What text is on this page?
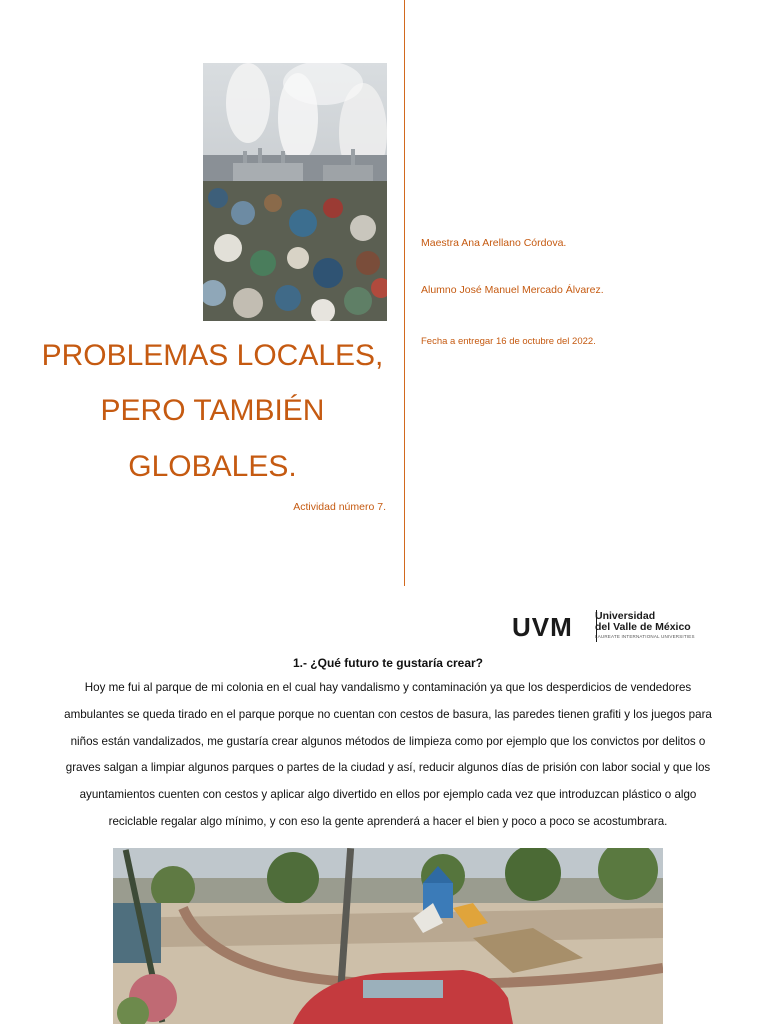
PROBLEMAS LOCALES,
PERO TAMBIÉN
GLOBALES.
Actividad número 7.
Maestra Ana Arellano Córdova.
Alumno José Manuel Mercado Álvarez.
Fecha a entregar 16 de octubre del 2022.
UVM Universidad
del Valle de México
LAUREATE INTERNATIONAL UNIVERSITIES
1.- ¿Qué futuro te gustaría crear?
Hoy me fui al parque de mi colonia en el cual hay vandalismo y contaminación ya que los desperdicios de vendedores
ambulantes se queda tirado en el parque porque no cuentan con cestos de basura, las paredes tienen grafiti y los juegos para
niños están vandalizados, me gustaría crear algunos métodos de limpieza como por ejemplo que los convictos por delitos o
graves salgan a limpiar algunos parques o partes de la ciudad y así, reducir algunos días de prisión con labor social y que los
ayuntamientos cuenten con cestos y aplicar algo divertido en ellos por ejemplo cada vez que introduzcan plástico o algo
reciclable regalar algo mínimo, y con eso la gente aprenderá a hacer el bien y poco a poco se acostumbrara.
